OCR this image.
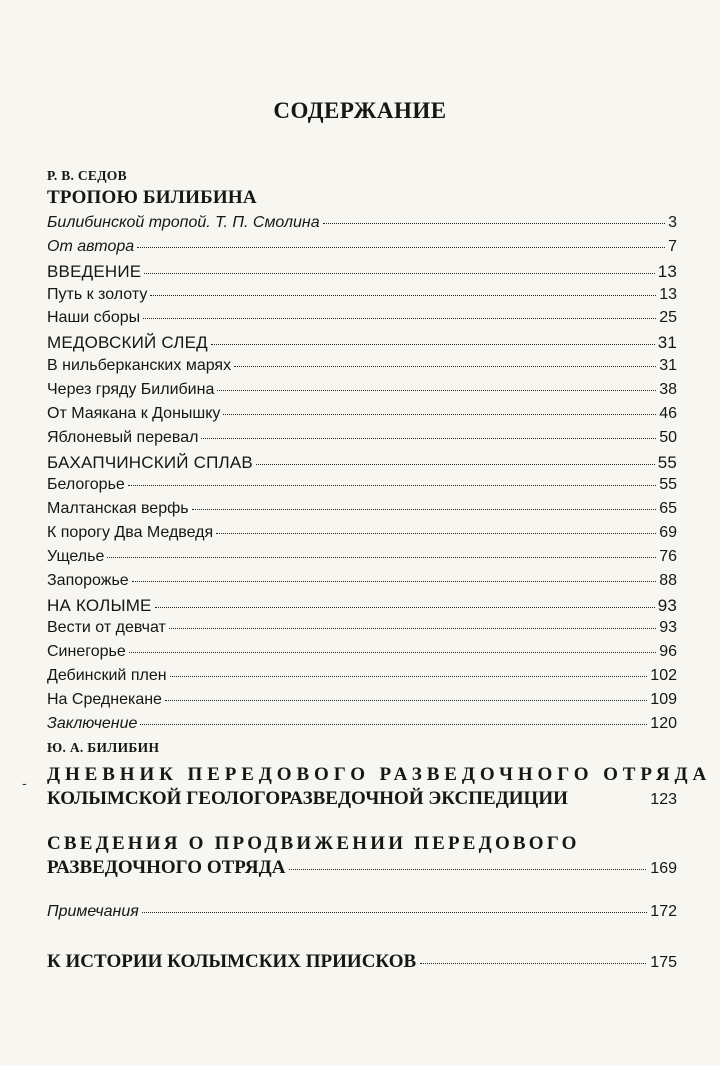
СОДЕРЖАНИЕ
Р. В. СЕДОВ
ТРОПОЮ БИЛИБИНА
Билибинской тропой. Т. П. Смолина	3
От автора	7
ВВЕДЕНИЕ	13
Путь к золоту	13
Наши сборы	25
МЕДОВСКИЙ СЛЕД	31
В нильберканских марях	31
Через гряду Билибина	38
От Маякана к Донышку	46
Яблоневый перевал	50
БАХАПЧИНСКИЙ СПЛАВ	55
Белогорье	55
Малтанская верфь	65
К порогу Два Медведя	69
Ущелье	76
Запорожье	88
НА КОЛЫМЕ	93
Вести от девчат	93
Синегорье	96
Дебинский плен	102
На Среднекане	109
Заключение	120
Ю. А. БИЛИБИН
- ДНЕВНИК ПЕРЕДОВОГО РАЗВЕДОЧНОГО ОТРЯДА
КОЛЫМСКОЙ ГЕОЛОГОРАЗВЕДОЧНОЙ ЭКСПЕДИЦИИ	123
СВЕДЕНИЯ О ПРОДВИЖЕНИИ ПЕРЕДОВОГО
РАЗВЕДОЧНОГО ОТРЯДА	169
Примечания	172
К ИСТОРИИ КОЛЫМСКИХ ПРИИСКОВ	175
